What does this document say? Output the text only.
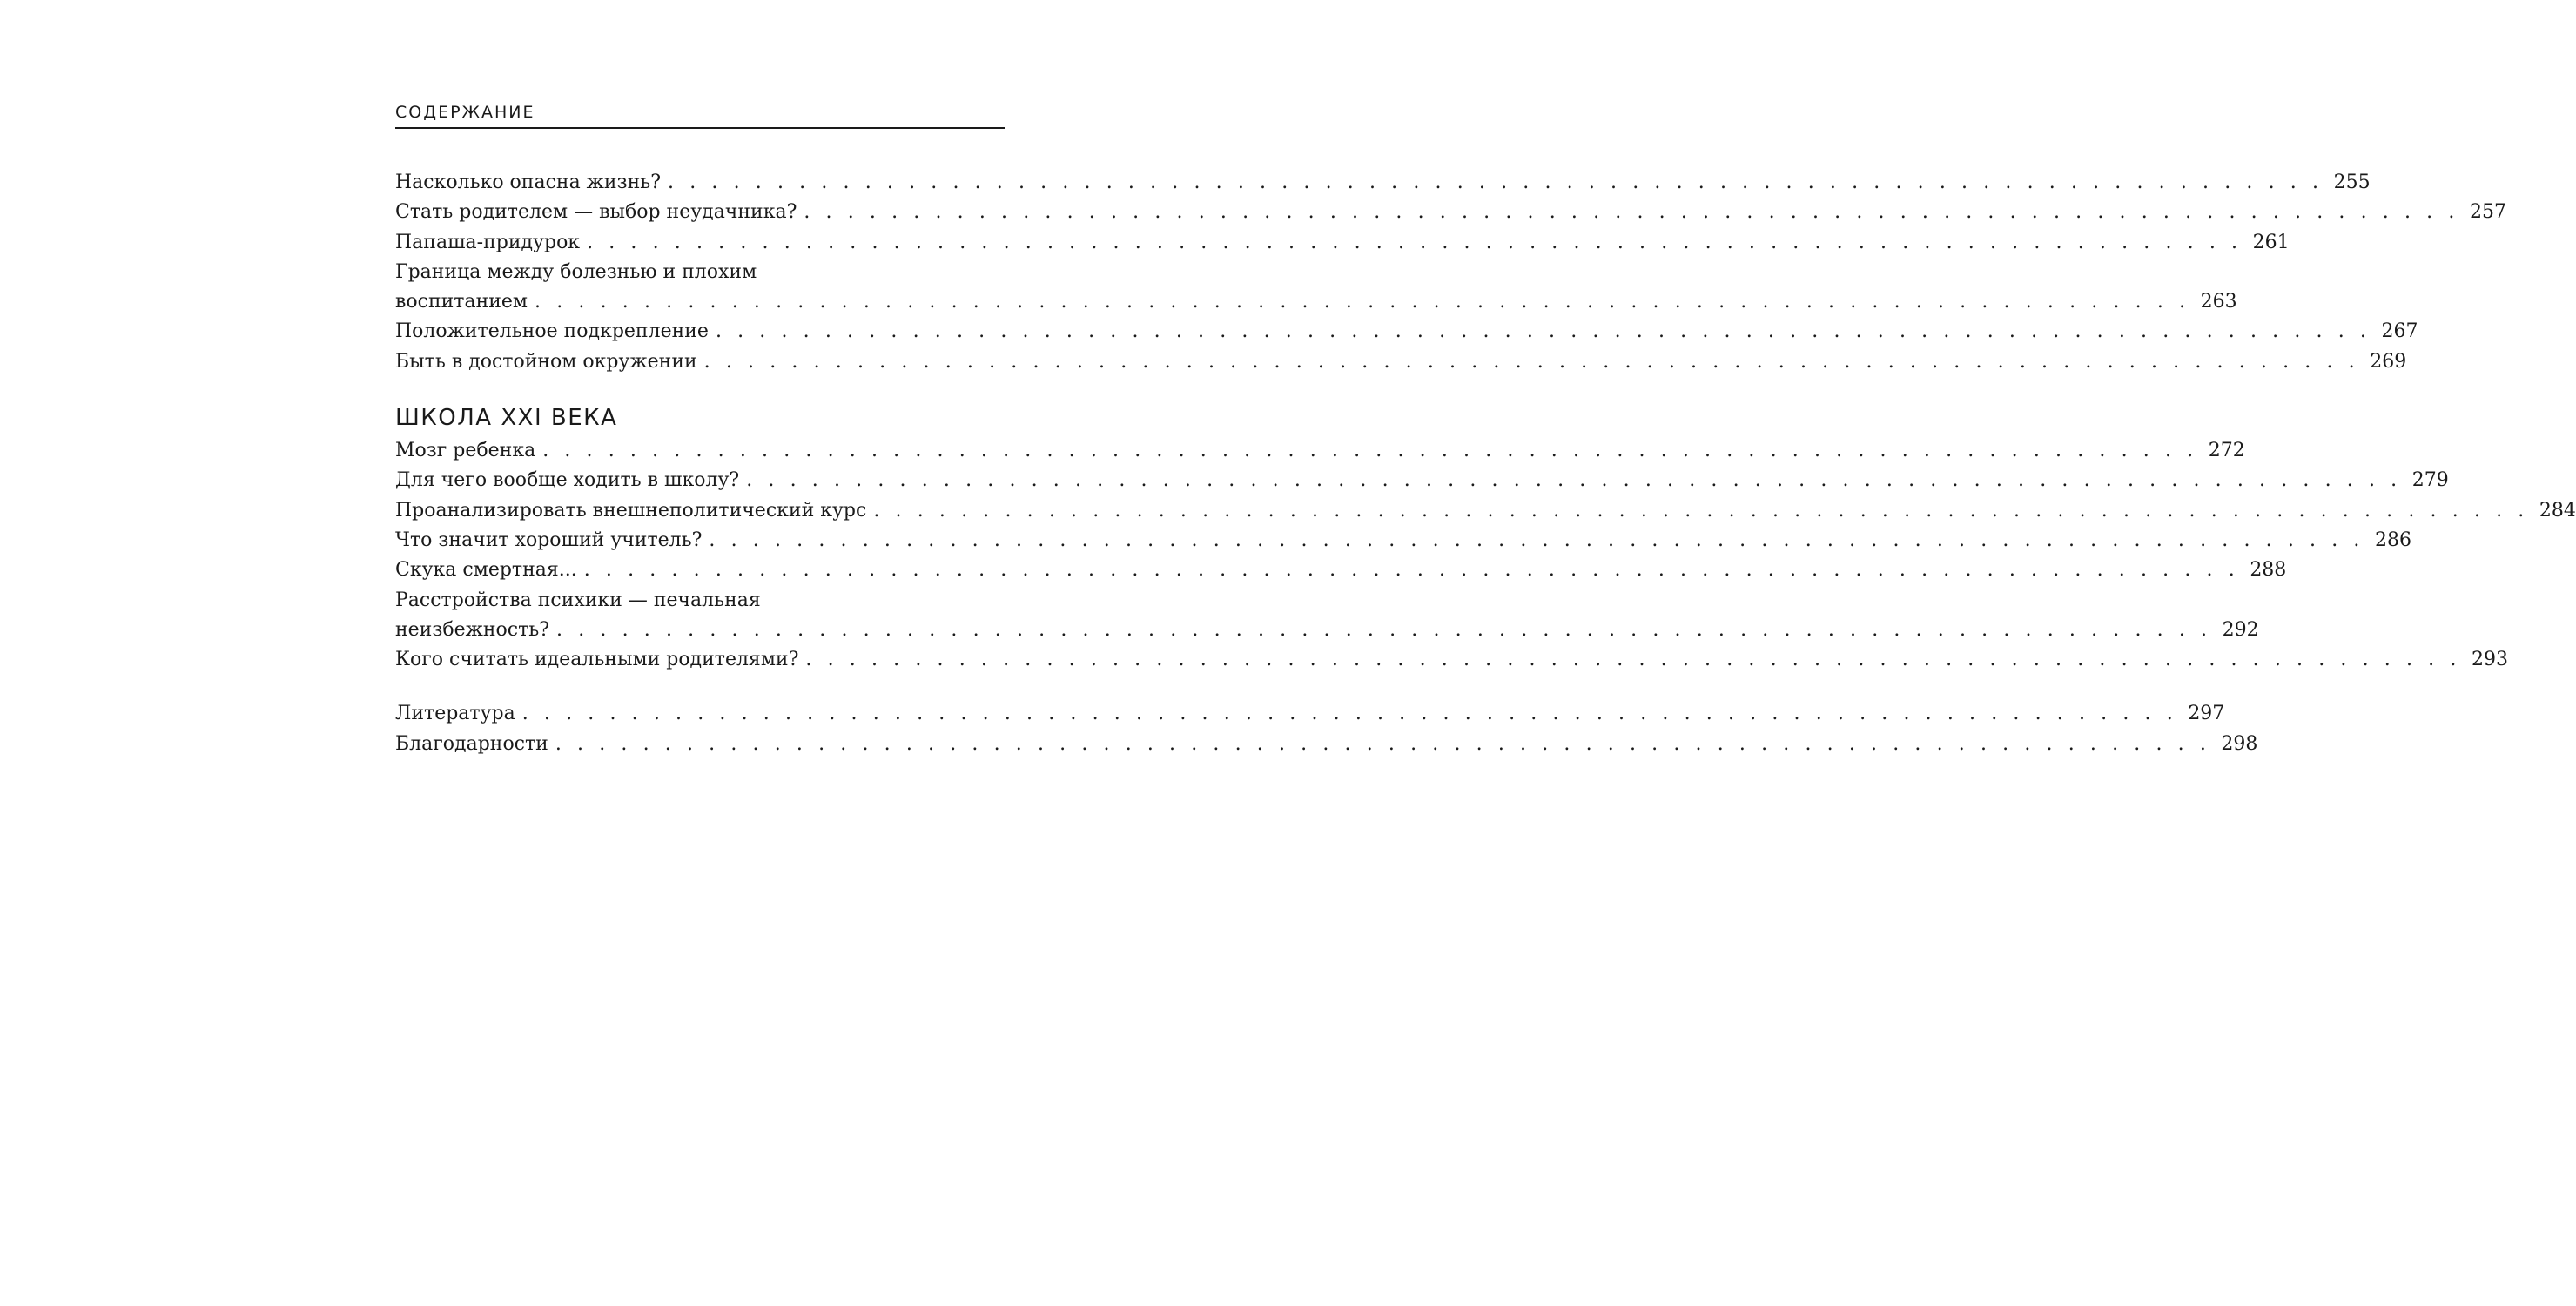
СОДЕРЖАНИЕ
Насколько опасна жизнь? . . . . . . . . . . . . . . . . . . . . . . . . . . . . . . . . . . . . . . . . . . . . . . . . . . . . . . . . . . . . . . . . . . . . . . . . . . . . 255
Стать родителем — выбор неудачника? . . . . . . . . . . . . . . . . . . . . . . . . . . . . . . . . . . . . . . . . . . . . . . . . . . . . . . . . . . . . . . . . . . . . . . . . . . . . 257
Папаша-придурок . . . . . . . . . . . . . . . . . . . . . . . . . . . . . . . . . . . . . . . . . . . . . . . . . . . . . . . . . . . . . . . . . . . . . . . . . . . . 261
Граница между болезнью и плохим
воспитанием . . . . . . . . . . . . . . . . . . . . . . . . . . . . . . . . . . . . . . . . . . . . . . . . . . . . . . . . . . . . . . . . . . . . . . . . . . . . 263
Положительное подкрепление . . . . . . . . . . . . . . . . . . . . . . . . . . . . . . . . . . . . . . . . . . . . . . . . . . . . . . . . . . . . . . . . . . . . . . . . . . . . 267
Быть в достойном окружении . . . . . . . . . . . . . . . . . . . . . . . . . . . . . . . . . . . . . . . . . . . . . . . . . . . . . . . . . . . . . . . . . . . . . . . . . . . . 269
ШКОЛА XXI ВЕКА
Мозг ребенка . . . . . . . . . . . . . . . . . . . . . . . . . . . . . . . . . . . . . . . . . . . . . . . . . . . . . . . . . . . . . . . . . . . . . . . . . . . . 272
Для чего вообще ходить в школу? . . . . . . . . . . . . . . . . . . . . . . . . . . . . . . . . . . . . . . . . . . . . . . . . . . . . . . . . . . . . . . . . . . . . . . . . . . . . 279
Проанализировать внешнеполитический курс . . . . . . . . . . . . . . . . . . . . . . . . . . . . . . . . . . . . . . . . . . . . . . . . . . . . . . . . . . . . . . . . . . . . . . . . . . . . 284
Что значит хороший учитель? . . . . . . . . . . . . . . . . . . . . . . . . . . . . . . . . . . . . . . . . . . . . . . . . . . . . . . . . . . . . . . . . . . . . . . . . . . . . 286
Скука смертная... . . . . . . . . . . . . . . . . . . . . . . . . . . . . . . . . . . . . . . . . . . . . . . . . . . . . . . . . . . . . . . . . . . . . . . . . . . . . 288
Расстройства психики — печальная
неизбежность? . . . . . . . . . . . . . . . . . . . . . . . . . . . . . . . . . . . . . . . . . . . . . . . . . . . . . . . . . . . . . . . . . . . . . . . . . . . . 292
Кого считать идеальными родителями? . . . . . . . . . . . . . . . . . . . . . . . . . . . . . . . . . . . . . . . . . . . . . . . . . . . . . . . . . . . . . . . . . . . . . . . . . . . . 293
Литература . . . . . . . . . . . . . . . . . . . . . . . . . . . . . . . . . . . . . . . . . . . . . . . . . . . . . . . . . . . . . . . . . . . . . . . . . . . . 297
Благодарности . . . . . . . . . . . . . . . . . . . . . . . . . . . . . . . . . . . . . . . . . . . . . . . . . . . . . . . . . . . . . . . . . . . . . . . . . . . . 298
